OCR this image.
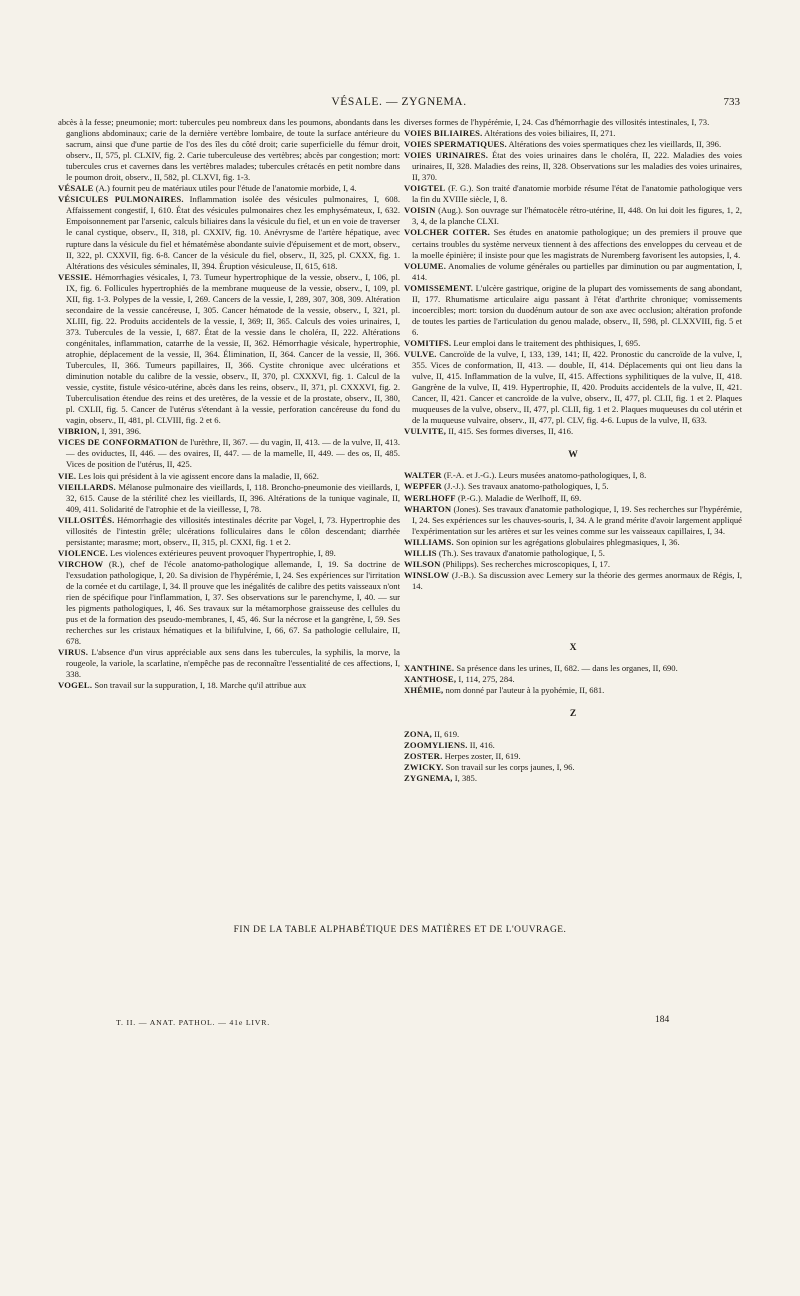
VÉSALE. — ZYGNEMA.	733

abcès à la fesse; pneumonie; mort: tubercules peu nombreux dans les poumons, abondants dans les ganglions abdominaux; carie de la dernière vertèbre lombaire, de toute la surface antérieure du sacrum, ainsi que d'une partie de l'os des îles du côté droit; carie superficielle du fémur droit, observ., II, 575, pl. CLXIV, fig. 2. Carie tuberculeuse des vertèbres; abcès par congestion; mort: tubercules crus et cavernes dans les vertèbres malades; tubercules crétacés en petit nombre dans le poumon droit, observ., II, 582, pl. CLXVI, fig. 1-3.

VÉSALE (A.) fournit peu de matériaux utiles pour l'étude de l'anatomie morbide, I, 4.

VÉSICULES PULMONAIRES. Inflammation isolée des vésicules pulmonaires, I, 608. Affaissement congestif, I, 610. État des vésicules pulmonaires chez les emphysémateux, I, 632. Empoisonnement par l'arsenic, calculs biliaires dans la vésicule du fiel, et un en voie de traverser le canal cystique, observ., II, 318, pl. CXXIV, fig. 10. Anévrysme de l'artère hépatique, avec rupture dans la vésicule du fiel et hématémèse abondante suivie d'épuisement et de mort, observ., II, 322, pl. CXXVII, fig. 6-8. Cancer de la vésicule du fiel, observ., II, 325, pl. CXXX, fig. 1. Altérations des vésicules séminales, II, 394. Éruption vésiculeuse, II, 615, 618.

VESSIE. Hémorrhagies vésicales, I, 73. Tumeur hypertrophique de la vessie, observ., I, 106, pl. IX, fig. 6. Follicules hypertrophiés de la membrane muqueuse de la vessie, observ., I, 109, pl. XII, fig. 1-3. Polypes de la vessie, I, 269. Cancers de la vessie, I, 289, 307, 308, 309. Altération secondaire de la vessie cancéreuse, I, 305. Cancer hématode de la vessie, observ., I, 321, pl. XLIII, fig. 22. Produits accidentels de la vessie, I, 369; II, 365. Calculs des voies urinaires, I, 373. Tubercules de la vessie, I, 687. État de la vessie dans le choléra, II, 222. Altérations congénitales, inflammation, catarrhe de la vessie, II, 362. Hémorrhagie vésicale, hypertrophie, atrophie, déplacement de la vessie, II, 364. Élimination, II, 364. Cancer de la vessie, II, 366. Tubercules, II, 366. Tumeurs papillaires, II, 366. Cystite chronique avec ulcérations et diminution notable du calibre de la vessie, observ., II, 370, pl. CXXXVI, fig. 1. Calcul de la vessie, cystite, fistule vésico-utérine, abcès dans les reins, observ., II, 371, pl. CXXXVI, fig. 2. Tuberculisation étendue des reins et des uretères, de la vessie et de la prostate, observ., II, 380, pl. CXLII, fig. 5. Cancer de l'utérus s'étendant à la vessie, perforation cancéreuse du fond du vagin, observ., II, 481, pl. CLVIII, fig. 2 et 6.

VIBRION, I, 391, 396.

VICES DE CONFORMATION de l'urèthre, II, 367. — du vagin, II, 413. — de la vulve, II, 413. — des oviductes, II, 446. — des ovaires, II, 447. — de la mamelle, II, 449. — des os, II, 485. Vices de position de l'utérus, II, 425.

VIE. Les lois qui président à la vie agissent encore dans la maladie, II, 662.

VIEILLARDS. Mélanose pulmonaire des vieillards, I, 118. Broncho-pneumonie des vieillards, I, 32, 615. Cause de la stérilité chez les vieillards, II, 396. Altérations de la tunique vaginale, II, 409, 411. Solidarité de l'atrophie et de la vieillesse, I, 78.

VILLOSITÉS. Hémorrhagie des villosités intestinales décrite par Vogel, I, 73. Hypertrophie des villosités de l'intestin grêle; ulcérations folliculaires dans le côlon descendant; diarrhée persistante; marasme; mort, observ., II, 315, pl. CXXI, fig. 1 et 2.

VIOLENCE. Les violences extérieures peuvent provoquer l'hypertrophie, I, 89.

VIRCHOW (R.), chef de l'école anatomo-pathologique allemande, I, 19. Sa doctrine de l'exsudation pathologique, I, 20. Sa division de l'hypérémie, I, 24. Ses expériences sur l'irritation de la cornée et du cartilage, I, 34. Il prouve que les inégalités de calibre des petits vaisseaux n'ont rien de spécifique pour l'inflammation, I, 37. Ses observations sur le parenchyme, I, 40. — sur les pigments pathologiques, I, 46. Ses travaux sur la métamorphose graisseuse des cellules du pus et de la formation des pseudo-membranes, I, 45, 46. Sur la nécrose et la gangrène, I, 59. Ses recherches sur les cristaux hématiques et la bilifulvine, I, 66, 67. Sa pathologie cellulaire, II, 678.

VIRUS. L'absence d'un virus appréciable aux sens dans les tubercules, la syphilis, la morve, la rougeole, la variole, la scarlatine, n'empêche pas de reconnaître l'essentialité de ces affections, I, 338.

VOGEL. Son travail sur la suppuration, I, 18. Marche qu'il attribue aux

diverses formes de l'hypérémie, I, 24. Cas d'hémorrhagie des villosités intestinales, I, 73.

VOIES BILIAIRES. Altérations des voies biliaires, II, 271.

VOIES SPERMATIQUES. Altérations des voies spermatiques chez les vieillards, II, 396.

VOIES URINAIRES. État des voies urinaires dans le choléra, II, 222. Maladies des voies urinaires, II, 328. Maladies des reins, II, 328. Observations sur les maladies des voies urinaires, II, 370.

VOIGTEL (F. G.). Son traité d'anatomie morbide résume l'état de l'anatomie pathologique vers la fin du XVIIIe siècle, I, 8.

VOISIN (Aug.). Son ouvrage sur l'hématocèle rétro-utérine, II, 448. On lui doit les figures, 1, 2, 3, 4, de la planche CLXI.

VOLCHER COITER. Ses études en anatomie pathologique; un des premiers il prouve que certains troubles du système nerveux tiennent à des affections des enveloppes du cerveau et de la moelle épinière; il insiste pour que les magistrats de Nuremberg favorisent les autopsies, I, 4.

VOLUME. Anomalies de volume générales ou partielles par diminution ou par augmentation, I, 414.

VOMISSEMENT. L'ulcère gastrique, origine de la plupart des vomissements de sang abondant, II, 177. Rhumatisme articulaire aigu passant à l'état d'arthrite chronique; vomissements incoercibles; mort: torsion du duodénum autour de son axe avec occlusion; altération profonde de toutes les parties de l'articulation du genou malade, observ., II, 598, pl. CLXXVIII, fig. 5 et 6.

VOMITIFS. Leur emploi dans le traitement des phthisiques, I, 695.

VULVE. Cancroïde de la vulve, I, 133, 139, 141; II, 422. Pronostic du cancroïde de la vulve, I, 355. Vices de conformation, II, 413. — double, II, 414. Déplacements qui ont lieu dans la vulve, II, 415. Inflammation de la vulve, II, 415. Affections syphilitiques de la vulve, II, 418. Gangrène de la vulve, II, 419. Hypertrophie, II, 420. Produits accidentels de la vulve, II, 421. Cancer, II, 421. Cancer et cancroïde de la vulve, observ., II, 477, pl. CLII, fig. 1 et 2. Plaques muqueuses de la vulve, observ., II, 477, pl. CLII, fig. 1 et 2. Plaques muqueuses du col utérin et de la muqueuse vulvaire, observ., II, 477, pl. CLV, fig. 4-6. Lupus de la vulve, II, 633.

VULVITE, II, 415. Ses formes diverses, II, 416.

W

WALTER (F.-A. et J.-G.). Leurs musées anatomo-pathologiques, I, 8.

WEPFER (J.-J.). Ses travaux anatomo-pathologiques, I, 5.

WERLHOFF (P.-G.). Maladie de Werlhoff, II, 69.

WHARTON (Jones). Ses travaux d'anatomie pathologique, I, 19. Ses recherches sur l'hypérémie, I, 24. Ses expériences sur les chauves-souris, I, 34. A le grand mérite d'avoir largement appliqué l'expérimentation sur les artères et sur les veines comme sur les vaisseaux capillaires, I, 34.

WILLIAMS. Son opinion sur les agrégations globulaires phlegmasiques, I, 36.

WILLIS (Th.). Ses travaux d'anatomie pathologique, I, 5.

WILSON (Philipps). Ses recherches microscopiques, I, 17.

WINSLOW (J.-B.). Sa discussion avec Lemery sur la théorie des germes anormaux de Régis, I, 14.

X

XANTHINE. Sa présence dans les urines, II, 682. — dans les organes, II, 690.

XANTHOSE, I, 114, 275, 284.

XHÉMIE, nom donné par l'auteur à la pyohémie, II, 681.

Z

ZONA, II, 619.

ZOOMYLIENS. II, 416.

ZOSTER. Herpes zoster, II, 619.

ZWICKY. Son travail sur les corps jaunes, I, 96.

ZYGNEMA, I, 385.

FIN DE LA TABLE ALPHABÉTIQUE DES MATIÈRES ET DE L'OUVRAGE.
T. II. — ANAT. PATHOL. — 41e LIVR.	184
